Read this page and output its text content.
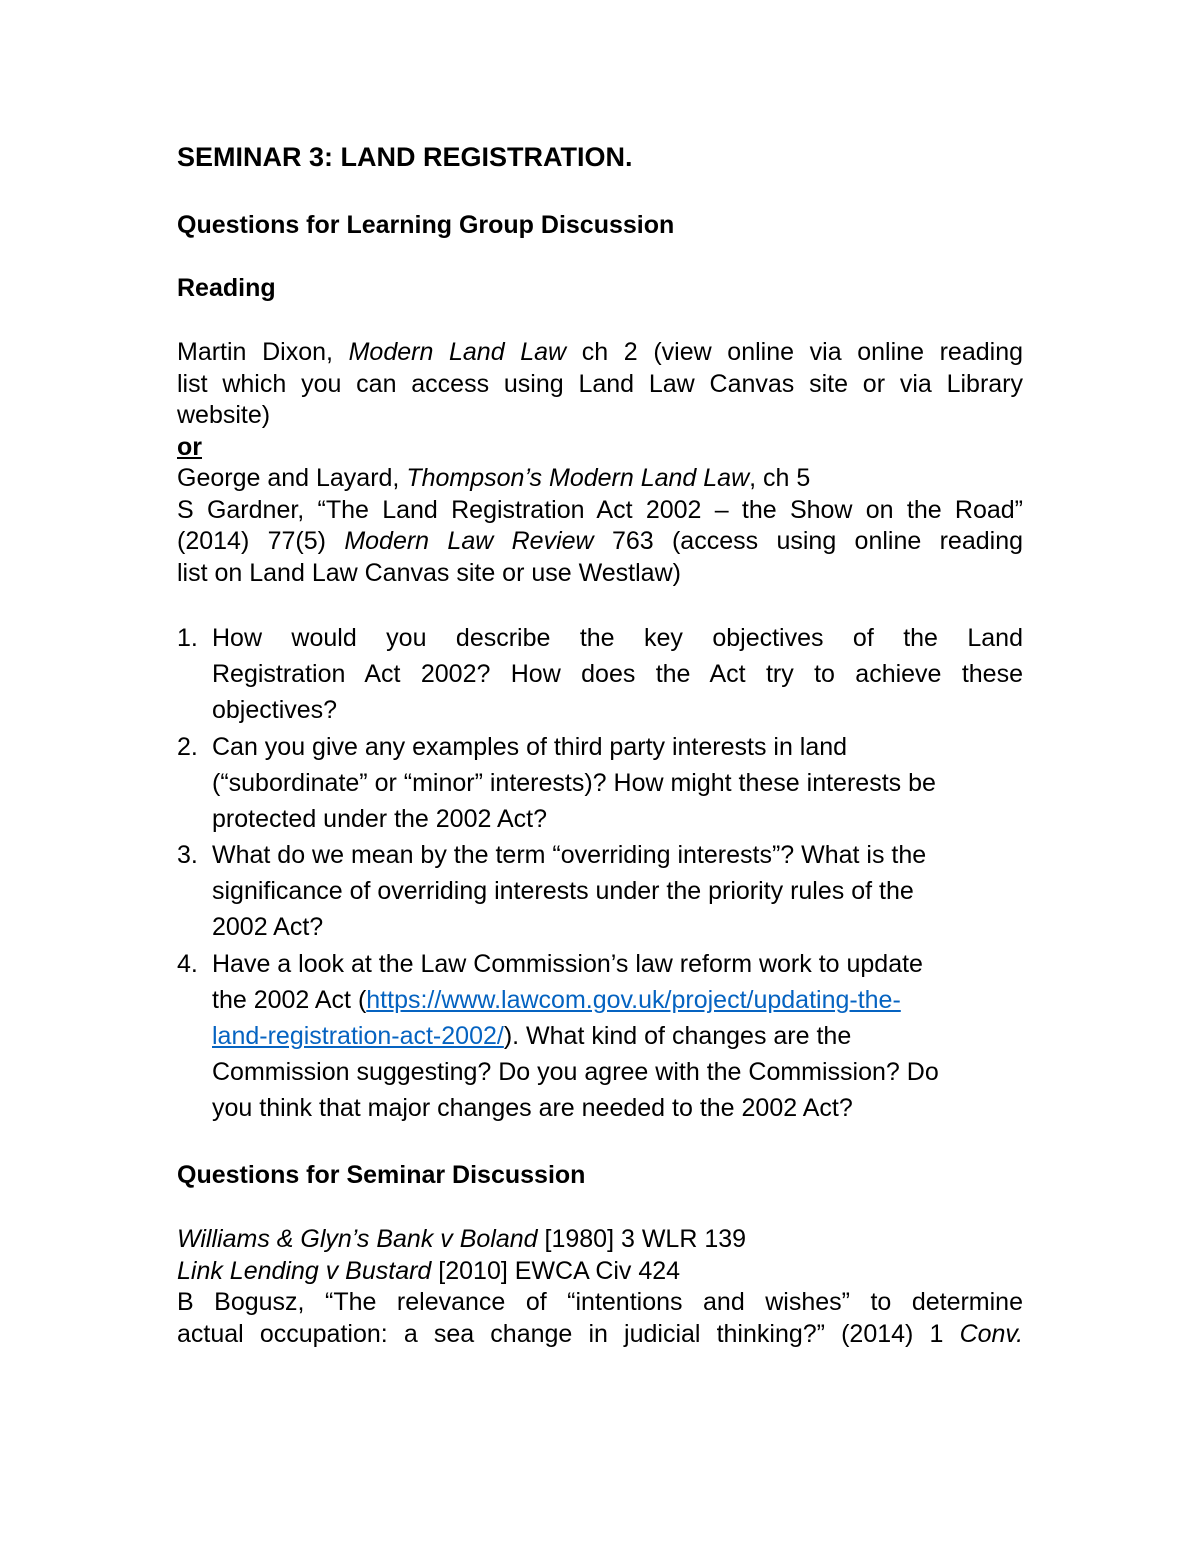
SEMINAR 3: LAND REGISTRATION.
Questions for Learning Group Discussion
Reading
Martin Dixon, Modern Land Law ch 2 (view online via online reading
list which you can access using Land Law Canvas site or via Library
website)
or
George and Layard, Thompson’s Modern Land Law, ch 5
S Gardner, “The Land Registration Act 2002 – the Show on the Road”
(2014) 77(5) Modern Law Review 763 (access using online reading
list on Land Law Canvas site or use Westlaw)
1. How would you describe the key objectives of the Land
Registration Act 2002? How does the Act try to achieve these
objectives?
2. Can you give any examples of third party interests in land
(“subordinate” or “minor” interests)? How might these interests be
protected under the 2002 Act?
3. What do we mean by the term “overriding interests”? What is the
significance of overriding interests under the priority rules of the
2002 Act?
4. Have a look at the Law Commission’s law reform work to update
the 2002 Act (https://www.lawcom.gov.uk/project/updating-the-
land-registration-act-2002/). What kind of changes are the
Commission suggesting? Do you agree with the Commission? Do
you think that major changes are needed to the 2002 Act?
Questions for Seminar Discussion
Williams & Glyn’s Bank v Boland [1980] 3 WLR 139
Link Lending v Bustard [2010] EWCA Civ 424
B Bogusz, “The relevance of “intentions and wishes” to determine
actual occupation: a sea change in judicial thinking?” (2014) 1 Conv.
